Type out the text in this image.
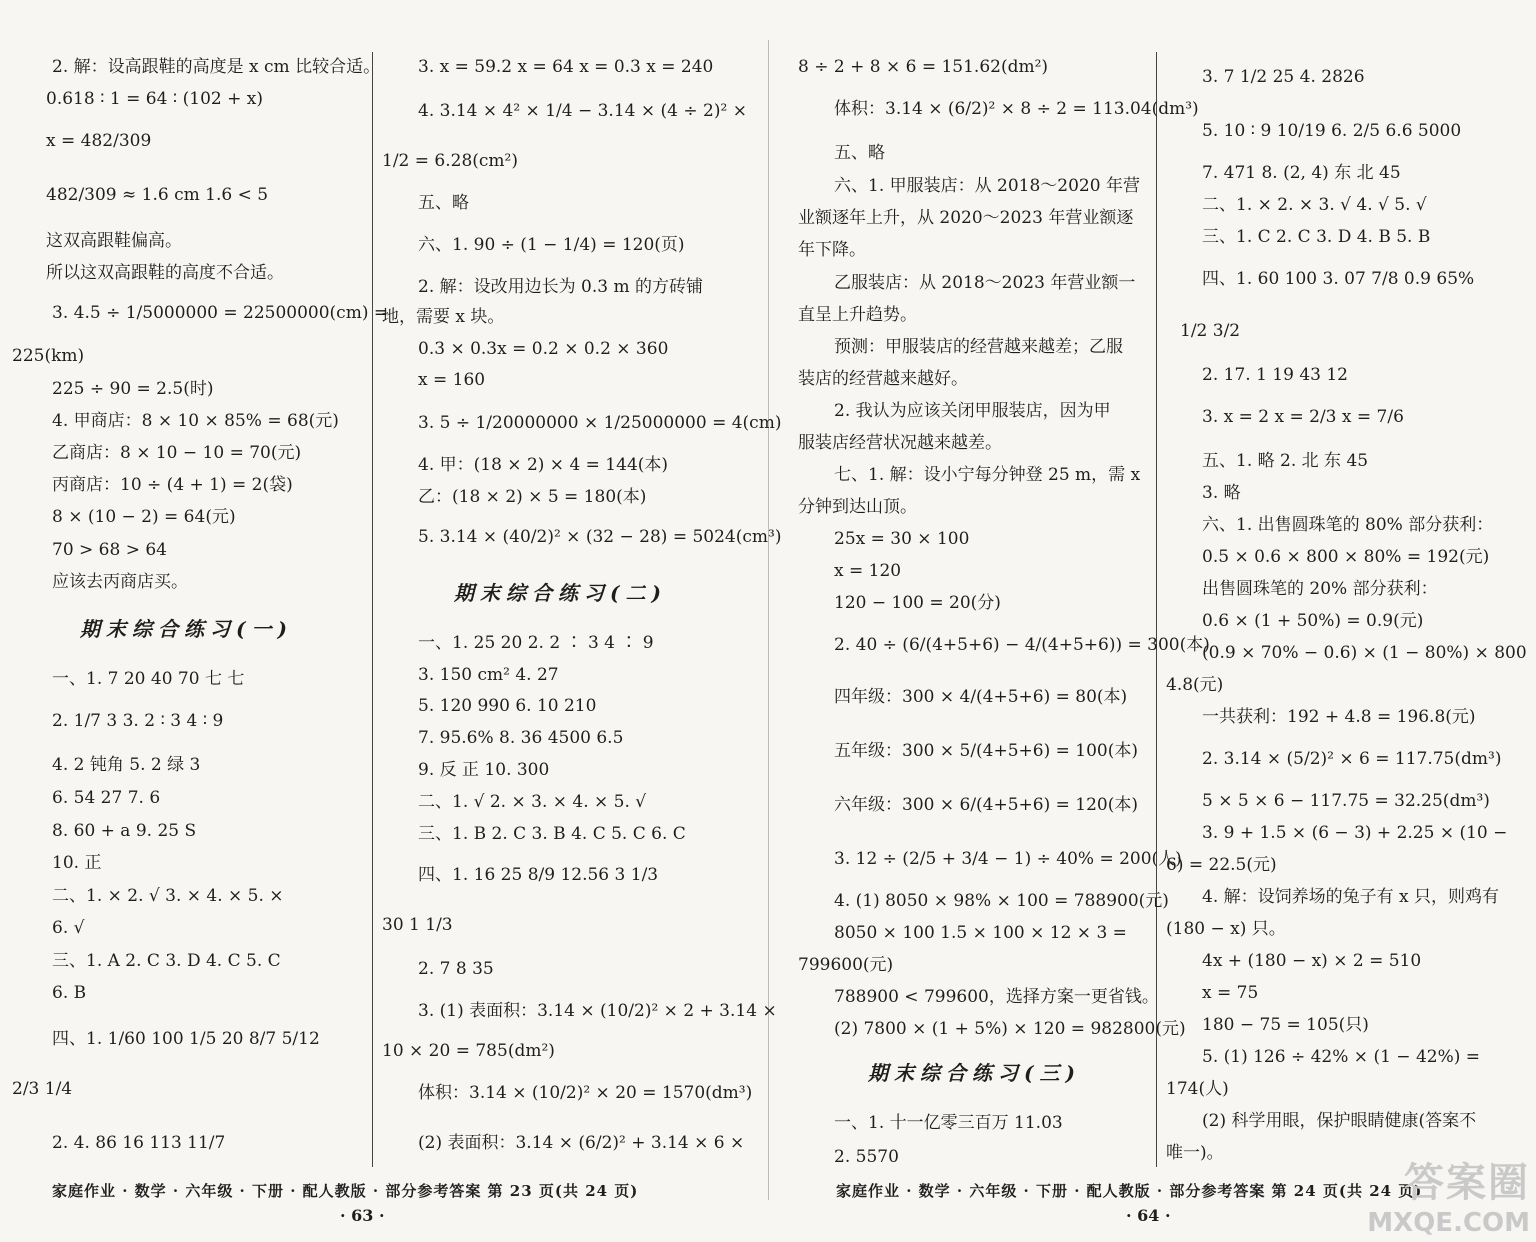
2. 解：设高跟鞋的高度是 x cm 比较合适。
0.618 ∶ 1 = 64 ∶ (102 + x)
x = 482/309
482/309 ≈ 1.6 cm 1.6 < 5
这双高跟鞋偏高。
所以这双高跟鞋的高度不合适。
3. 4.5 ÷ 1/5000000 = 22500000(cm) =
225(km)
225 ÷ 90 = 2.5(时)
4. 甲商店：8 × 10 × 85% = 68(元)
乙商店：8 × 10 − 10 = 70(元)
丙商店：10 ÷ (4 + 1) = 2(袋)
8 × (10 − 2) = 64(元)
70 > 68 > 64
应该去丙商店买。
期末综合练习(一)
一、1. 7 20 40 70 七 七
2. 1/7 3 3. 2 ∶ 3 4 ∶ 9
4. 2 钝角 5. 2 绿 3
6. 54 27 7. 6
8. 60 + a 9. 25 S
10. 正
二、1. × 2. √ 3. × 4. × 5. ×
6. √
三、1. A 2. C 3. D 4. C 5. C
6. B
四、1. 1/60 100 1/5 20 8/7 5/12
2/3 1/4
2. 4. 86 16 113 11/7
3. x = 59.2 x = 64 x = 0.3 x = 240
4. 3.14 × 4² × 1/4 − 3.14 × (4 ÷ 2)² ×
1/2 = 6.28(cm²)
五、略
六、1. 90 ÷ (1 − 1/4) = 120(页)
2. 解：设改用边长为 0.3 m 的方砖铺
地，需要 x 块。
0.3 × 0.3x = 0.2 × 0.2 × 360
x = 160
3. 5 ÷ 1/20000000 × 1/25000000 = 4(cm)
4. 甲：(18 × 2) × 4 = 144(本)
乙：(18 × 2) × 5 = 180(本)
5. 3.14 × (40/2)² × (32 − 28) = 5024(cm³)
期末综合练习(二)
一、1. 25 20 2. 2 ∶ 3 4 ∶ 9
3. 150 cm² 4. 27
5. 120 990 6. 10 210
7. 95.6% 8. 36 4500 6.5
9. 反 正 10. 300
二、1. √ 2. × 3. × 4. × 5. √
三、1. B 2. C 3. B 4. C 5. C 6. C
四、1. 16 25 8/9 12.56 3 1/3
30 1 1/3
2. 7 8 35
3. (1) 表面积：3.14 × (10/2)² × 2 + 3.14 ×
10 × 20 = 785(dm²)
体积：3.14 × (10/2)² × 20 = 1570(dm³)
(2) 表面积：3.14 × (6/2)² + 3.14 × 6 ×
家庭作业 · 数学 · 六年级 · 下册 · 配人教版 · 部分参考答案 第 23 页(共 24 页)
· 63 ·
8 ÷ 2 + 8 × 6 = 151.62(dm²)
体积：3.14 × (6/2)² × 8 ÷ 2 = 113.04(dm³)
五、略
六、1. 甲服装店：从 2018～2020 年营
业额逐年上升，从 2020～2023 年营业额逐
年下降。
乙服装店：从 2018～2023 年营业额一
直呈上升趋势。
预测：甲服装店的经营越来越差；乙服
装店的经营越来越好。
2. 我认为应该关闭甲服装店，因为甲
服装店经营状况越来越差。
七、1. 解：设小宁每分钟登 25 m，需 x
分钟到达山顶。
25x = 30 × 100
x = 120
120 − 100 = 20(分)
2. 40 ÷ (6/(4+5+6) − 4/(4+5+6)) = 300(本)
四年级：300 × 4/(4+5+6) = 80(本)
五年级：300 × 5/(4+5+6) = 100(本)
六年级：300 × 6/(4+5+6) = 120(本)
3. 12 ÷ (2/5 + 3/4 − 1) ÷ 40% = 200(人)
4. (1) 8050 × 98% × 100 = 788900(元)
8050 × 100 1.5 × 100 × 12 × 3 =
799600(元)
788900 < 799600，选择方案一更省钱。
(2) 7800 × (1 + 5%) × 120 = 982800(元)
期末综合练习(三)
一、1. 十一亿零三百万 11.03
2. 5570
3. 7 1/2 25 4. 2826
5. 10 ∶ 9 10/19 6. 2/5 6.6 5000
7. 471 8. (2, 4) 东 北 45
二、1. × 2. × 3. √ 4. √ 5. √
三、1. C 2. C 3. D 4. B 5. B
四、1. 60 100 3. 07 7/8 0.9 65%
1/2 3/2
2. 17. 1 19 43 12
3. x = 2 x = 2/3 x = 7/6
五、1. 略 2. 北 东 45
3. 略
六、1. 出售圆珠笔的 80% 部分获利：
0.5 × 0.6 × 800 × 80% = 192(元)
出售圆珠笔的 20% 部分获利：
0.6 × (1 + 50%) = 0.9(元)
(0.9 × 70% − 0.6) × (1 − 80%) × 800
4.8(元)
一共获利：192 + 4.8 = 196.8(元)
2. 3.14 × (5/2)² × 6 = 117.75(dm³)
5 × 5 × 6 − 117.75 = 32.25(dm³)
3. 9 + 1.5 × (6 − 3) + 2.25 × (10 −
6) = 22.5(元)
4. 解：设饲养场的兔子有 x 只，则鸡有
(180 − x) 只。
4x + (180 − x) × 2 = 510
x = 75
180 − 75 = 105(只)
5. (1) 126 ÷ 42% × (1 − 42%) =
174(人)
(2) 科学用眼，保护眼睛健康(答案不
唯一)。
家庭作业 · 数学 · 六年级 · 下册 · 配人教版 · 部分参考答案 第 24 页(共 24 页)
· 64 ·
答案圈
MXQE.COM
